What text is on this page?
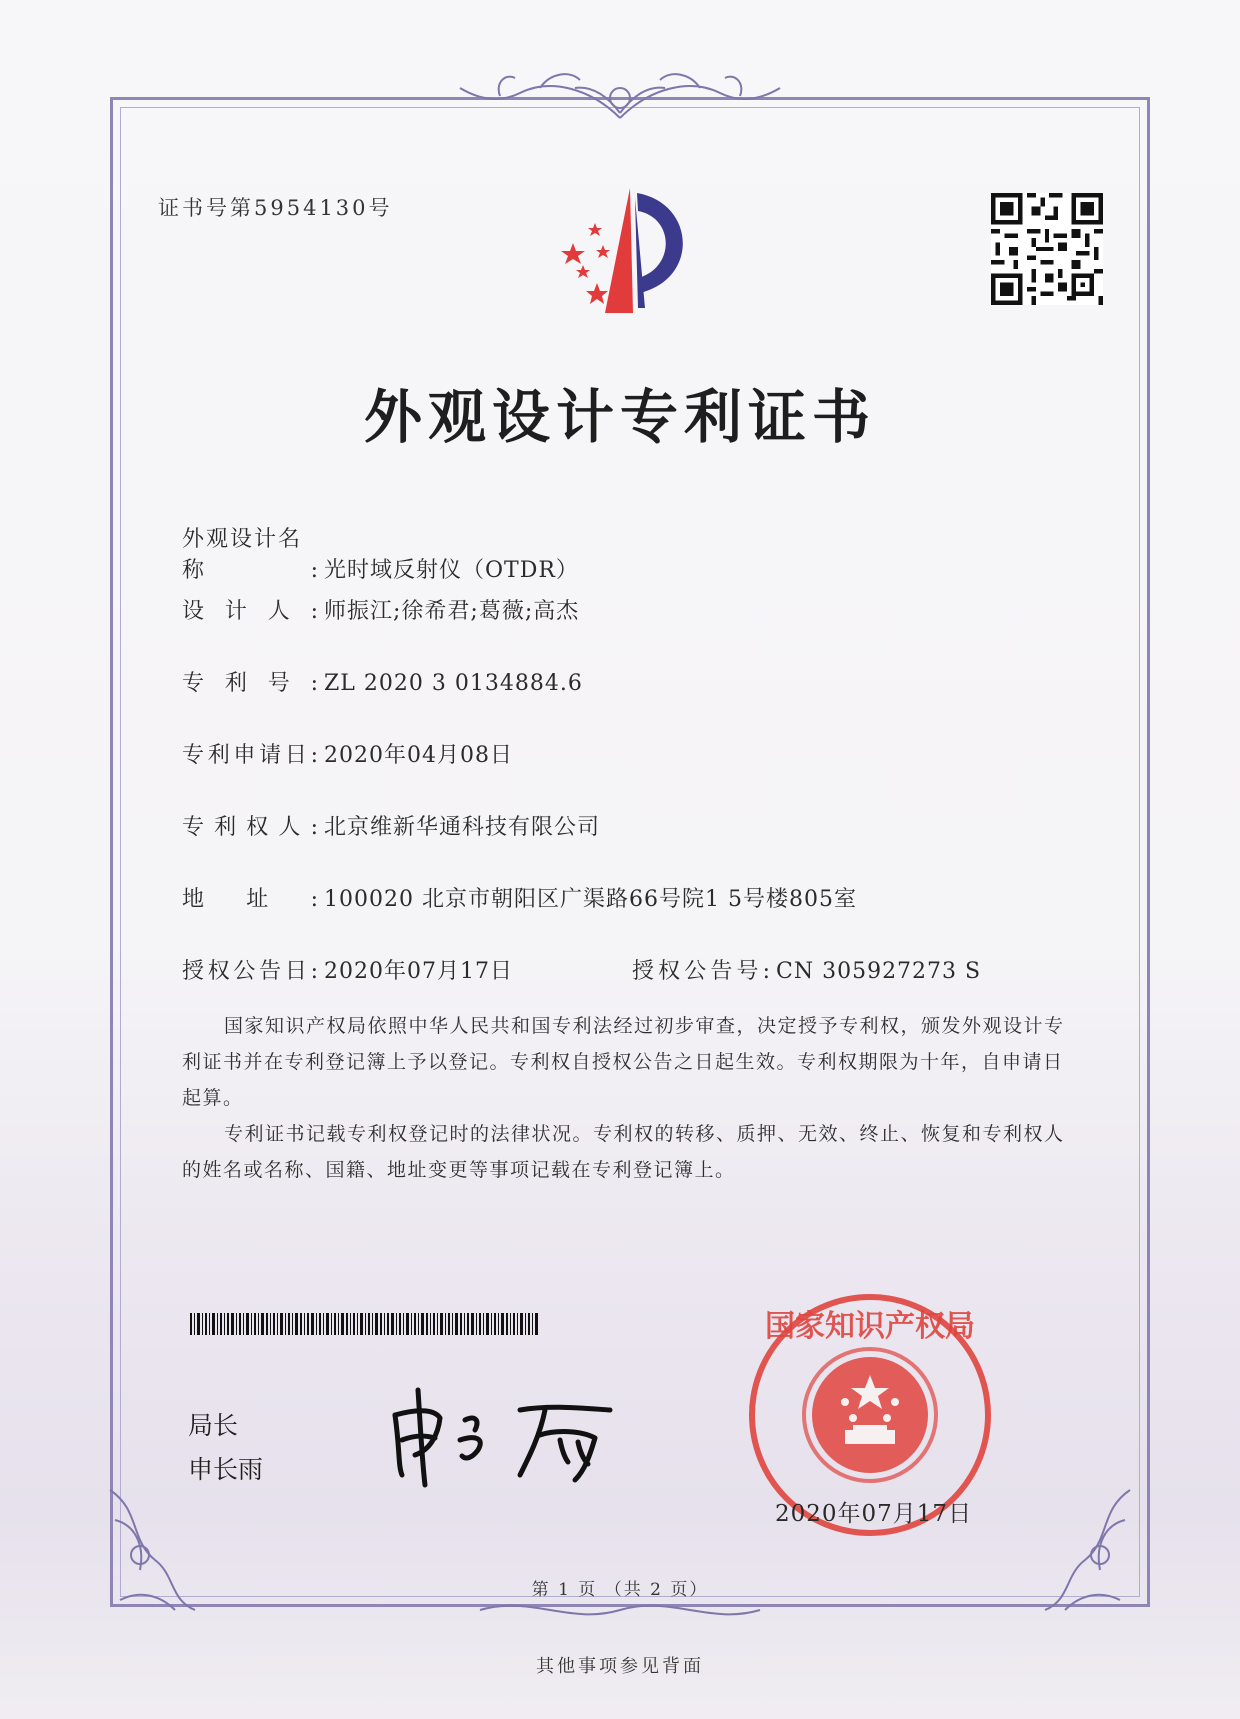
证书号第5954130号
外观设计专利证书
外观设计名称: 光时域反射仪（OTDR）
设计人: 师振江;徐希君;葛薇;高杰
专利号: ZL 2020 3 0134884.6
专利申请日: 2020年04月08日
专利权人: 北京维新华通科技有限公司
地址: 100020 北京市朝阳区广渠路66号院1 5号楼805室
授权公告日: 2020年07月17日	授权公告号: CN 305927273 S
国家知识产权局依照中华人民共和国专利法经过初步审查，决定授予专利权，颁发外观设计专利证书并在专利登记簿上予以登记。专利权自授权公告之日起生效。专利权期限为十年，自申请日起算。
专利证书记载专利权登记时的法律状况。专利权的转移、质押、无效、终止、恢复和专利权人的姓名或名称、国籍、地址变更等事项记载在专利登记簿上。
局长
申长雨
国家知识产权局
2020年07月17日
第 1 页 （共 2 页）
其他事项参见背面
